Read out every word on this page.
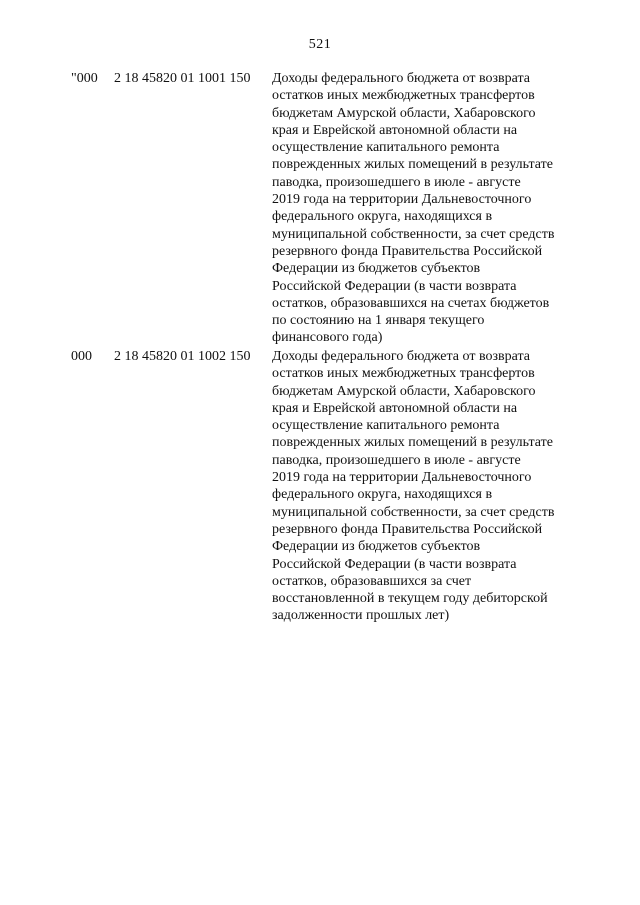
521
"000	2 18 45820 01 1001 150	Доходы федерального бюджета от возврата
остатков иных межбюджетных трансфертов
бюджетам Амурской области, Хабаровского
края и Еврейской автономной области на
осуществление капитального ремонта
поврежденных жилых помещений в результате
паводка, произошедшего в июле - августе
2019 года на территории Дальневосточного
федерального округа, находящихся в
муниципальной собственности, за счет средств
резервного фонда Правительства Российской
Федерации из бюджетов субъектов
Российской Федерации (в части возврата
остатков, образовавшихся на счетах бюджетов
по состоянию на 1 января текущего
финансового года)
000	2 18 45820 01 1002 150	Доходы федерального бюджета от возврата
остатков иных межбюджетных трансфертов
бюджетам Амурской области, Хабаровского
края и Еврейской автономной области на
осуществление капитального ремонта
поврежденных жилых помещений в результате
паводка, произошедшего в июле - августе
2019 года на территории Дальневосточного
федерального округа, находящихся в
муниципальной собственности, за счет средств
резервного фонда Правительства Российской
Федерации из бюджетов субъектов
Российской Федерации (в части возврата
остатков, образовавшихся за счет
восстановленной в текущем году дебиторской
задолженности прошлых лет)
